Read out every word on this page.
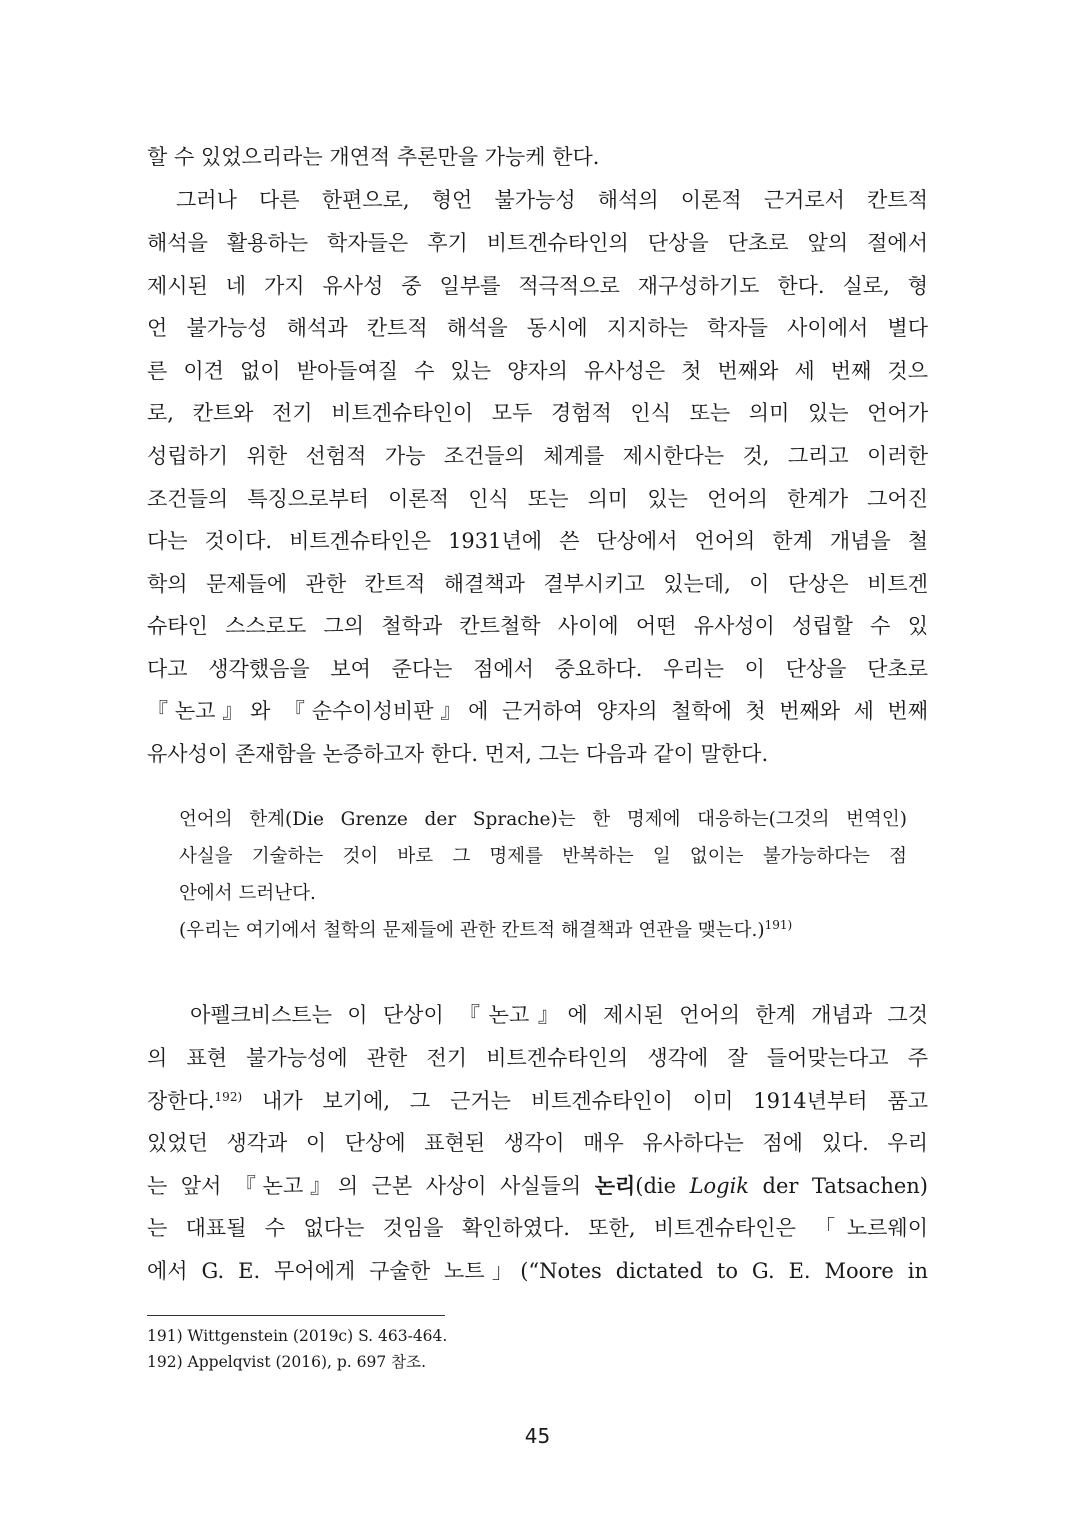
할 수 있었으리라는 개연적 추론만을 가능케 한다.

그러나 다른 한편으로, 형언 불가능성 해석의 이론적 근거로서 칸트적

해석을 활용하는 학자들은 후기 비트겐슈타인의 단상을 단초로 앞의 절에서

제시된 네 가지 유사성 중 일부를 적극적으로 재구성하기도 한다. 실로, 형

언 불가능성 해석과 칸트적 해석을 동시에 지지하는 학자들 사이에서 별다

른 이견 없이 받아들여질 수 있는 양자의 유사성은 첫 번째와 세 번째 것으

로, 칸트와 전기 비트겐슈타인이 모두 경험적 인식 또는 의미 있는 언어가

성립하기 위한 선험적 가능 조건들의 체계를 제시한다는 것, 그리고 이러한

조건들의 특징으로부터 이론적 인식 또는 의미 있는 언어의 한계가 그어진

다는 것이다. 비트겐슈타인은 1931년에 쓴 단상에서 언어의 한계 개념을 철

학의 문제들에 관한 칸트적 해결책과 결부시키고 있는데, 이 단상은 비트겐

슈타인 스스로도 그의 철학과 칸트철학 사이에 어떤 유사성이 성립할 수 있

다고 생각했음을 보여 준다는 점에서 중요하다. 우리는 이 단상을 단초로

『논고』와 『순수이성비판』에 근거하여 양자의 철학에 첫 번째와 세 번째

유사성이 존재함을 논증하고자 한다. 먼저, 그는 다음과 같이 말한다.

언어의 한계(Die Grenze der Sprache)는 한 명제에 대응하는(그것의 번역인)

사실을 기술하는 것이 바로 그 명제를 반복하는 일 없이는 불가능하다는 점

안에서 드러난다.

(우리는 여기에서 철학의 문제들에 관한 칸트적 해결책과 연관을 맺는다.)$^{191)}$

아펠크비스트는 이 단상이 『논고』에 제시된 언어의 한계 개념과 그것

의 표현 불가능성에 관한 전기 비트겐슈타인의 생각에 잘 들어맞는다고 주

장한다.$^{192)}$ 내가 보기에, 그 근거는 비트겐슈타인이 이미 1914년부터 품고

있었던 생각과 이 단상에 표현된 생각이 매우 유사하다는 점에 있다. 우리

는 앞서 『논고』의 근본 사상이 사실들의 논리(die Logik der Tatsachen)

는 대표될 수 없다는 것임을 확인하였다. 또한, 비트겐슈타인은 「노르웨이

에서 G. E. 무어에게 구술한 노트」(“Notes dictated to G. E. Moore in

191) Wittgenstein (2019c) S. 463-464.

192) Appelqvist (2016), p. 697 참조.

45
